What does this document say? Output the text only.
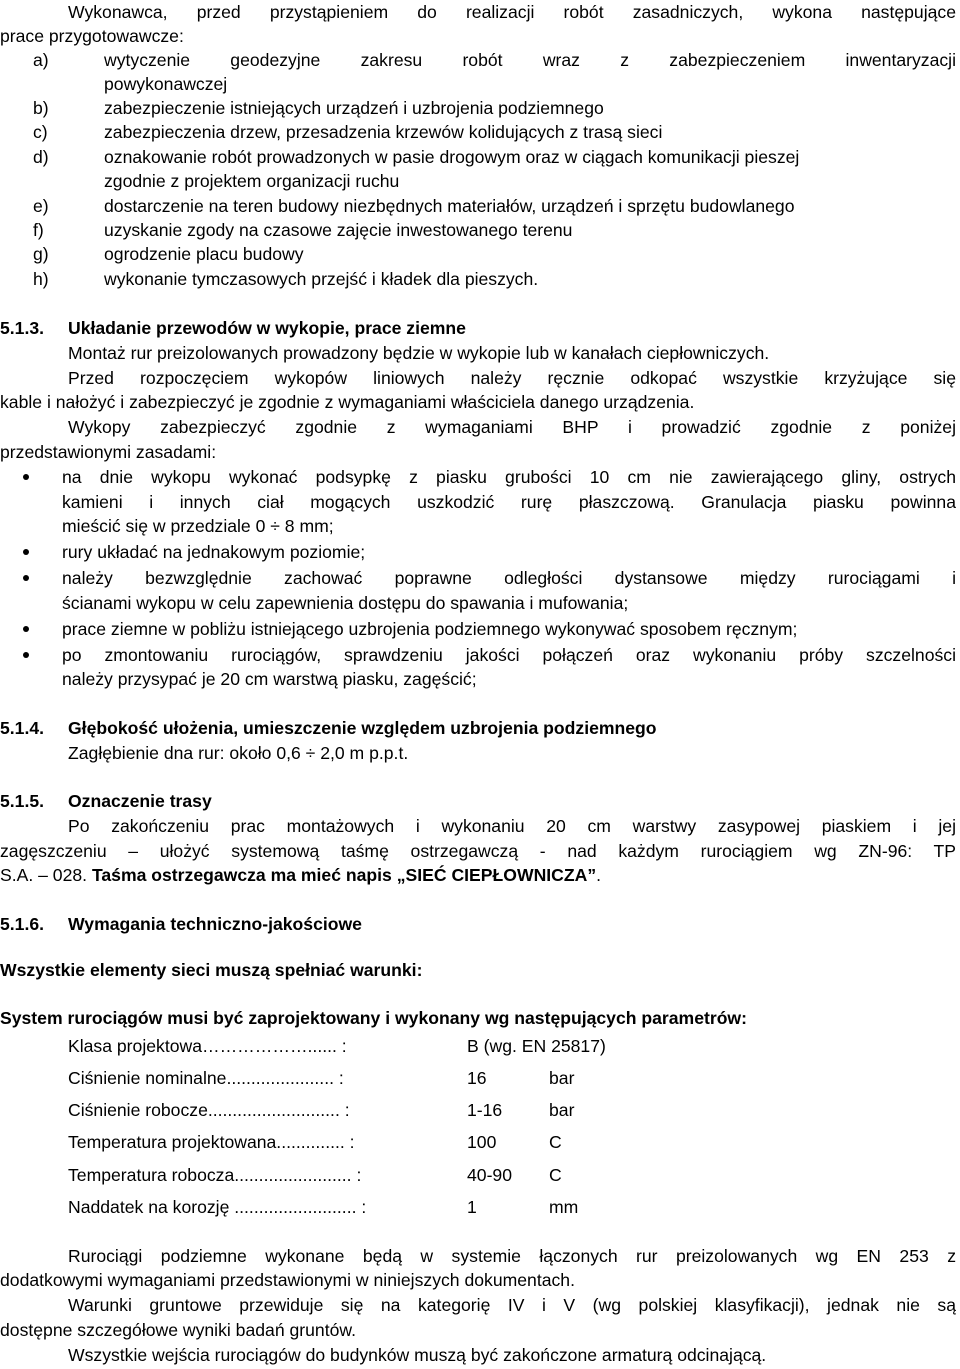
Wykonawca, przed przystąpieniem do realizacji robót zasadniczych, wykona następujące
prace przygotowawcze:
a)	wytyczenie geodezyjne zakresu robót wraz z zabezpieczeniem inwentaryzacji
powykonawczej
b)	zabezpieczenie istniejących urządzeń i uzbrojenia podziemnego
c)	zabezpieczenia drzew, przesadzenia krzewów kolidujących z trasą sieci
d)	oznakowanie robót prowadzonych w pasie drogowym oraz w ciągach komunikacji pieszej
zgodnie z projektem organizacji ruchu
e)	dostarczenie na teren budowy niezbędnych materiałów, urządzeń i sprzętu budowlanego
f)	uzyskanie zgody na czasowe zajęcie inwestowanego terenu
g)	ogrodzenie placu budowy
h)	wykonanie tymczasowych przejść i kładek dla pieszych.
5.1.3. Układanie przewodów w wykopie, prace ziemne
Montaż rur preizolowanych prowadzony będzie w wykopie lub w kanałach ciepłowniczych.
Przed rozpoczęciem wykopów liniowych należy ręcznie odkopać wszystkie krzyżujące się
kable i nałożyć i zabezpieczyć je zgodnie z wymaganiami właściciela danego urządzenia.
Wykopy zabezpieczyć zgodnie z wymaganiami BHP i prowadzić zgodnie z poniżej
przedstawionymi zasadami:
na dnie wykopu wykonać podsypkę z piasku grubości 10 cm nie zawierającego gliny, ostrych
kamieni i innych ciał mogących uszkodzić rurę płaszczową. Granulacja piasku powinna
mieścić się w przedziale 0 ÷ 8 mm;
rury układać na jednakowym poziomie;
należy bezwzględnie zachować poprawne odległości dystansowe między rurociągami i
ścianami wykopu w celu zapewnienia dostępu do spawania i mufowania;
prace ziemne w pobliżu istniejącego uzbrojenia podziemnego wykonywać sposobem ręcznym;
po zmontowaniu rurociągów, sprawdzeniu jakości połączeń oraz wykonaniu próby szczelności
należy przysypać je 20 cm warstwą piasku, zagęścić;
5.1.4. Głębokość ułożenia, umieszczenie względem uzbrojenia podziemnego
Zagłębienie dna rur: około 0,6 ÷ 2,0 m p.p.t.
5.1.5. Oznaczenie trasy
Po zakończeniu prac montażowych i wykonaniu 20 cm warstwy zasypowej piaskiem i jej
zagęszczeniu – ułożyć systemową taśmę ostrzegawczą - nad każdym rurociągiem wg ZN-96: TP
S.A. – 028. Taśma ostrzegawcza ma mieć napis „SIEĆ CIEPŁOWNICZA”.
5.1.6. Wymagania techniczno-jakościowe
Wszystkie elementy sieci muszą spełniać warunki:
System rurociągów musi być zaprojektowany i wykonany wg następujących parametrów:
Klasa projektowa………………...... :	B (wg. EN 25817)
Ciśnienie nominalne...................... :	16	bar
Ciśnienie robocze........................... :	1-16	bar
Temperatura projektowana.............. :	100	C
Temperatura robocza........................ :	40-90 C
Naddatek na korozję ......................... :	1	mm
Rurociągi podziemne wykonane będą w systemie łączonych rur preizolowanych wg EN 253 z
dodatkowymi wymaganiami przedstawionymi w niniejszych dokumentach.
Warunki gruntowe przewiduje się na kategorię IV i V (wg polskiej klasyfikacji), jednak nie są
dostępne szczegółowe wyniki badań gruntów.
Wszystkie wejścia rurociągów do budynków muszą być zakończone armaturą odcinającą.
